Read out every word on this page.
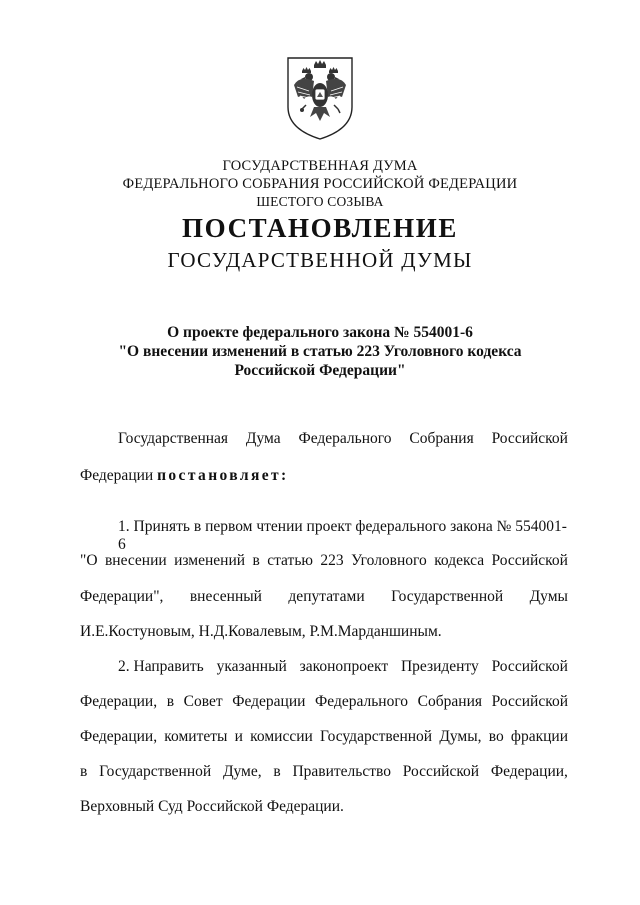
ГОСУДАРСТВЕННАЯ ДУМА
ФЕДЕРАЛЬНОГО СОБРАНИЯ РОССИЙСКОЙ ФЕДЕРАЦИИ
ШЕСТОГО СОЗЫВА
ПОСТАНОВЛЕНИЕ
ГОСУДАРСТВЕННОЙ ДУМЫ
О проекте федерального закона № 554001-6
"О внесении изменений в статью 223 Уголовного кодекса
Российской Федерации"
Государственная Дума Федерального Собрания Российской
Федерации постановляет:
1. Принять в первом чтении проект федерального закона № 554001-6
"О внесении изменений в статью 223 Уголовного кодекса Российской
Федерации", внесенный депутатами Государственной Думы
И.Е.Костуновым, Н.Д.Ковалевым, Р.М.Марданшиным.
2. Направить указанный законопроект Президенту Российской
Федерации, в Совет Федерации Федерального Собрания Российской
Федерации, комитеты и комиссии Государственной Думы, во фракции
в Государственной Думе, в Правительство Российской Федерации,
Верховный Суд Российской Федерации.
